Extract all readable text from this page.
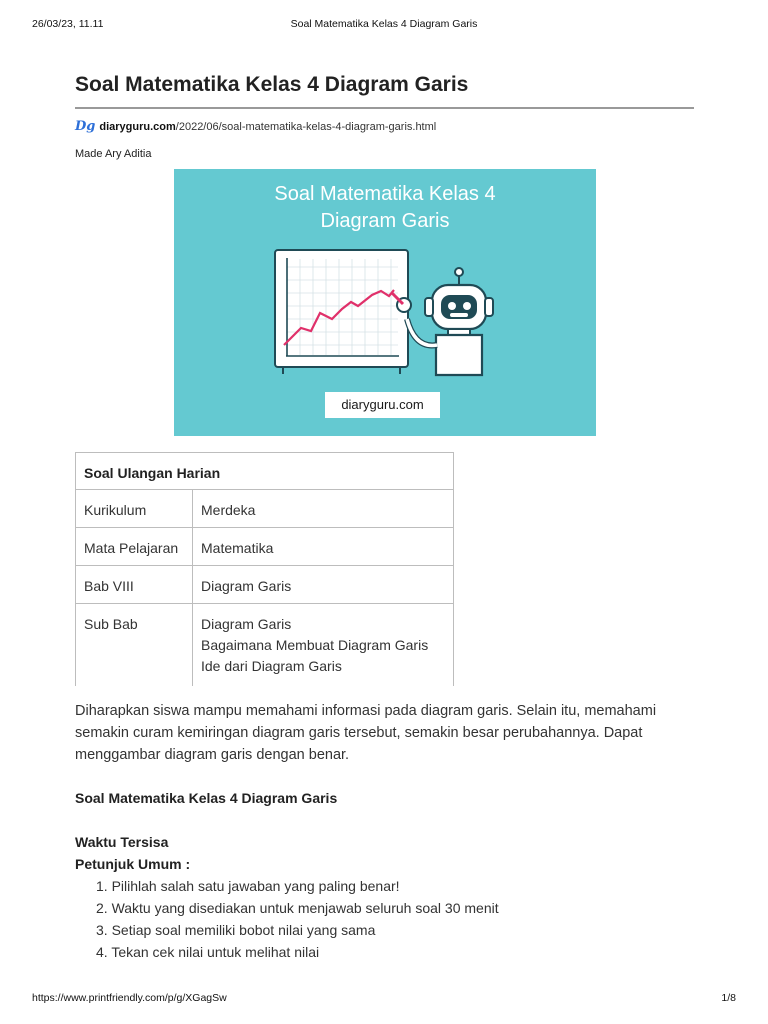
26/03/23, 11.11	Soal Matematika Kelas 4 Diagram Garis
Soal Matematika Kelas 4 Diagram Garis
Dg diaryguru.com/2022/06/soal-matematika-kelas-4-diagram-garis.html
Made Ary Aditia
Soal Matematika Kelas 4
Diagram Garis
diaryguru.com
Soal Ulangan Harian	
Kurikulum	Merdeka
Mata Pelajaran	Matematika
Bab VIII	Diagram Garis
Sub Bab	Diagram Garis
Bagaimana Membuat Diagram Garis
Ide dari Diagram Garis

Diharapkan siswa mampu memahami informasi pada diagram garis. Selain itu, memahami semakin curam kemiringan diagram garis tersebut, semakin besar perubahannya. Dapat menggambar diagram garis dengan benar.

Soal Matematika Kelas 4 Diagram Garis
Waktu Tersisa
Petunjuk Umum :
1. Pilihlah salah satu jawaban yang paling benar!
2. Waktu yang disediakan untuk menjawab seluruh soal 30 menit
3. Setiap soal memiliki bobot nilai yang sama
4. Tekan cek nilai untuk melihat nilai
https://www.printfriendly.com/p/g/XGagSw	1/8
